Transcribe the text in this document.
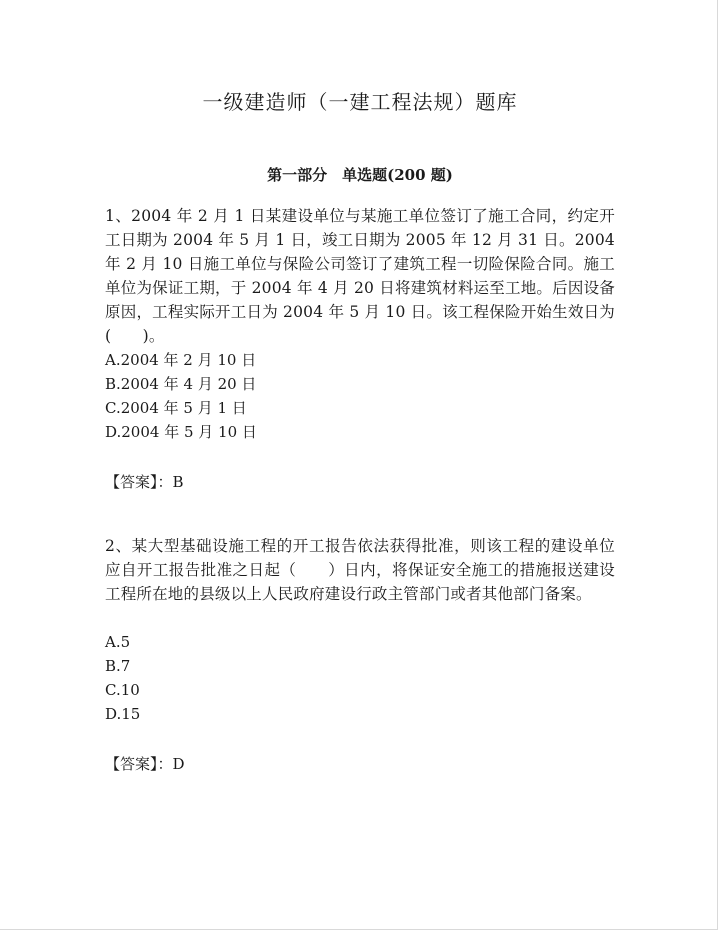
一级建造师（一建工程法规）题库
第一部分　单选题(200 题)
1、2004 年 2 月 1 日某建设单位与某施工单位签订了施工合同，约定开工日期为 2004 年 5 月 1 日，竣工日期为 2005 年 12 月 31 日。2004 年 2 月 10 日施工单位与保险公司签订了建筑工程一切险保险合同。施工单位为保证工期，于 2004 年 4 月 20 日将建筑材料运至工地。后因设备原因，工程实际开工日为 2004 年 5 月 10 日。该工程保险开始生效日为(　　)。
A.2004 年 2 月 10 日
B.2004 年 4 月 20 日
C.2004 年 5 月 1 日
D.2004 年 5 月 10 日
【答案】：B
2、某大型基础设施工程的开工报告依法获得批准，则该工程的建设单位应自开工报告批准之日起（　　）日内，将保证安全施工的措施报送建设工程所在地的县级以上人民政府建设行政主管部门或者其他部门备案。
A.5
B.7
C.10
D.15
【答案】：D
